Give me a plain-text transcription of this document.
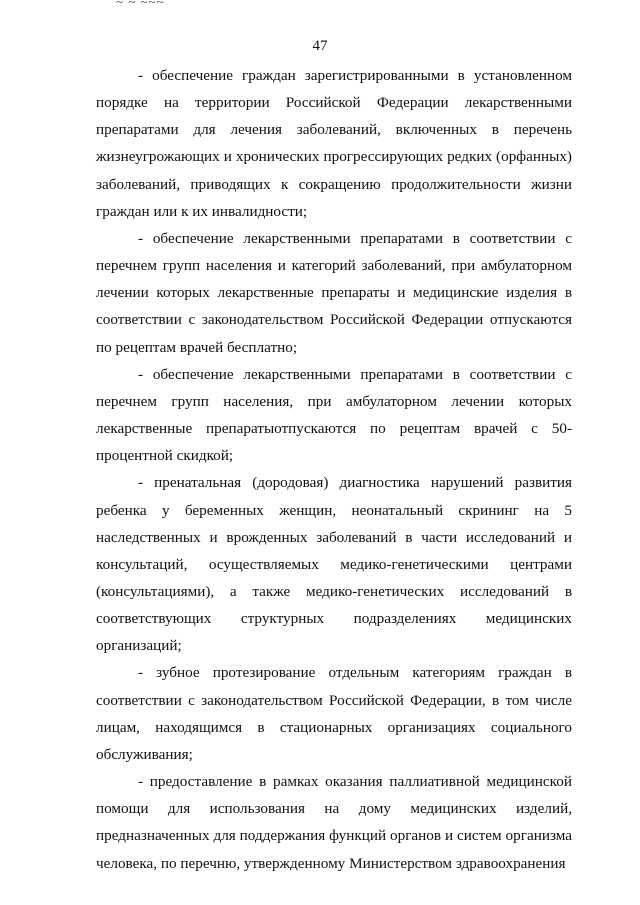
~ ~ ~~~
47

- обеспечение граждан зарегистрированными в установленном порядке на территории Российской Федерации лекарственными препаратами для лечения заболеваний, включенных в перечень жизнеугрожающих и хронических прогрессирующих редких (орфанных) заболеваний, приводящих к сокращению продолжительности жизни граждан или к их инвалидности;

- обеспечение лекарственными препаратами в соответствии с перечнем групп населения и категорий заболеваний, при амбулаторном лечении которых лекарственные препараты и медицинские изделия в соответствии с законодательством Российской Федерации отпускаются по рецептам врачей бесплатно;

- обеспечение лекарственными препаратами в соответствии с перечнем групп населения, при амбулаторном лечении которых лекарственные препаратыотпускаются по рецептам врачей с 50-процентной скидкой;

- пренатальная (дородовая) диагностика нарушений развития ребенка у беременных женщин, неонатальный скрининг на 5 наследственных и врожденных заболеваний в части исследований и консультаций, осуществляемых медико-генетическими центрами (консультациями), а также медико-генетических исследований в соответствующих структурных подразделениях медицинских организаций;

- зубное протезирование отдельным категориям граждан в соответствии с законодательством Российской Федерации, в том числе лицам, находящимся в стационарных организациях социального обслуживания;

- предоставление в рамках оказания паллиативной медицинской помощи для использования на дому медицинских изделий, предназначенных для поддержания функций органов и систем организма человека, по перечню, утвержденному Министерством здравоохранения
